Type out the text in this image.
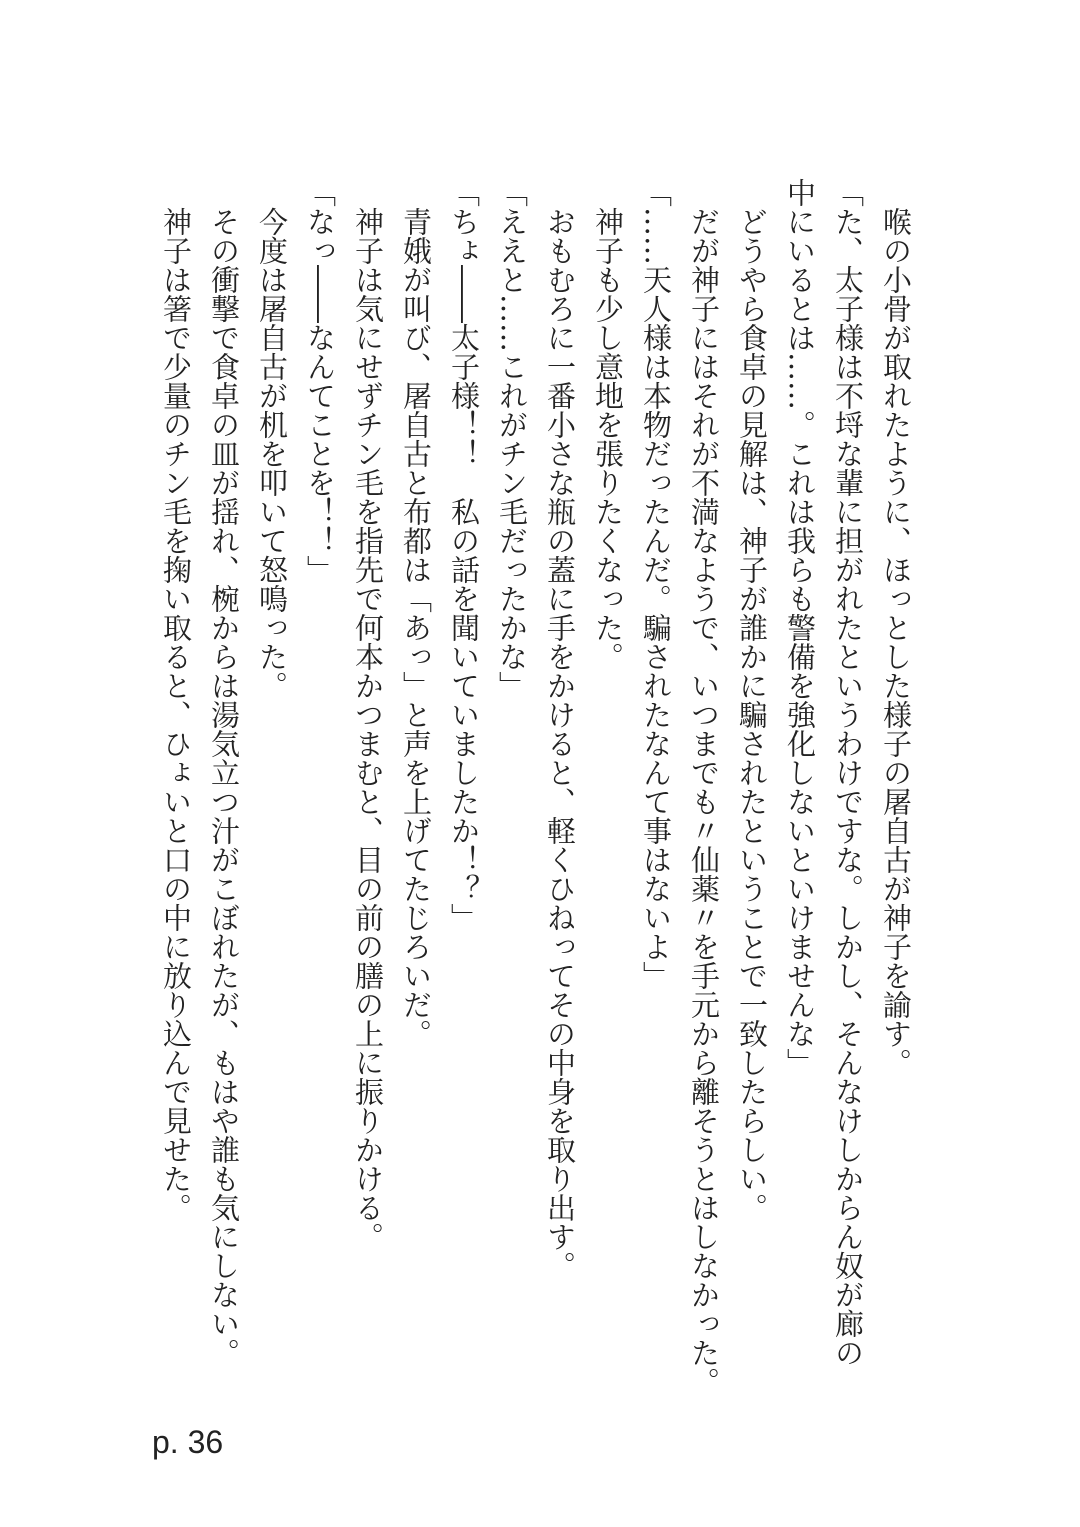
　喉の小骨が取れたように、ほっとした様子の屠自古が神子を諭す。

「た、太子様は不埒な輩に担がれたというわけですな。しかし、そんなけしからん奴が廊の

中にいるとは……。これは我らも警備を強化しないといけませんな」

　どうやら食卓の見解は、神子が誰かに騙されたということで一致したらしい。

　だが神子にはそれが不満なようで、いつまでも〃仙薬〃を手元から離そうとはしなかった。

「……天人様は本物だったんだ。騙されたなんて事はないよ」

　神子も少し意地を張りたくなった。

　おもむろに一番小さな瓶の蓋に手をかけると、軽くひねってその中身を取り出す。

「ええと……これがチン毛だったかな」

「ちょ――太子様！！　私の話を聞いていましたか！？」

　青娥が叫び、屠自古と布都は「あっ」と声を上げてたじろいだ。

　神子は気にせずチン毛を指先で何本かつまむと、目の前の膳の上に振りかける。

「なっ――なんてことを！！」

　今度は屠自古が机を叩いて怒鳴った。

　その衝撃で食卓の皿が揺れ、椀からは湯気立つ汁がこぼれたが、もはや誰も気にしない。

　神子は箸で少量のチン毛を掬い取ると、ひょいと口の中に放り込んで見せた。

p. 36
